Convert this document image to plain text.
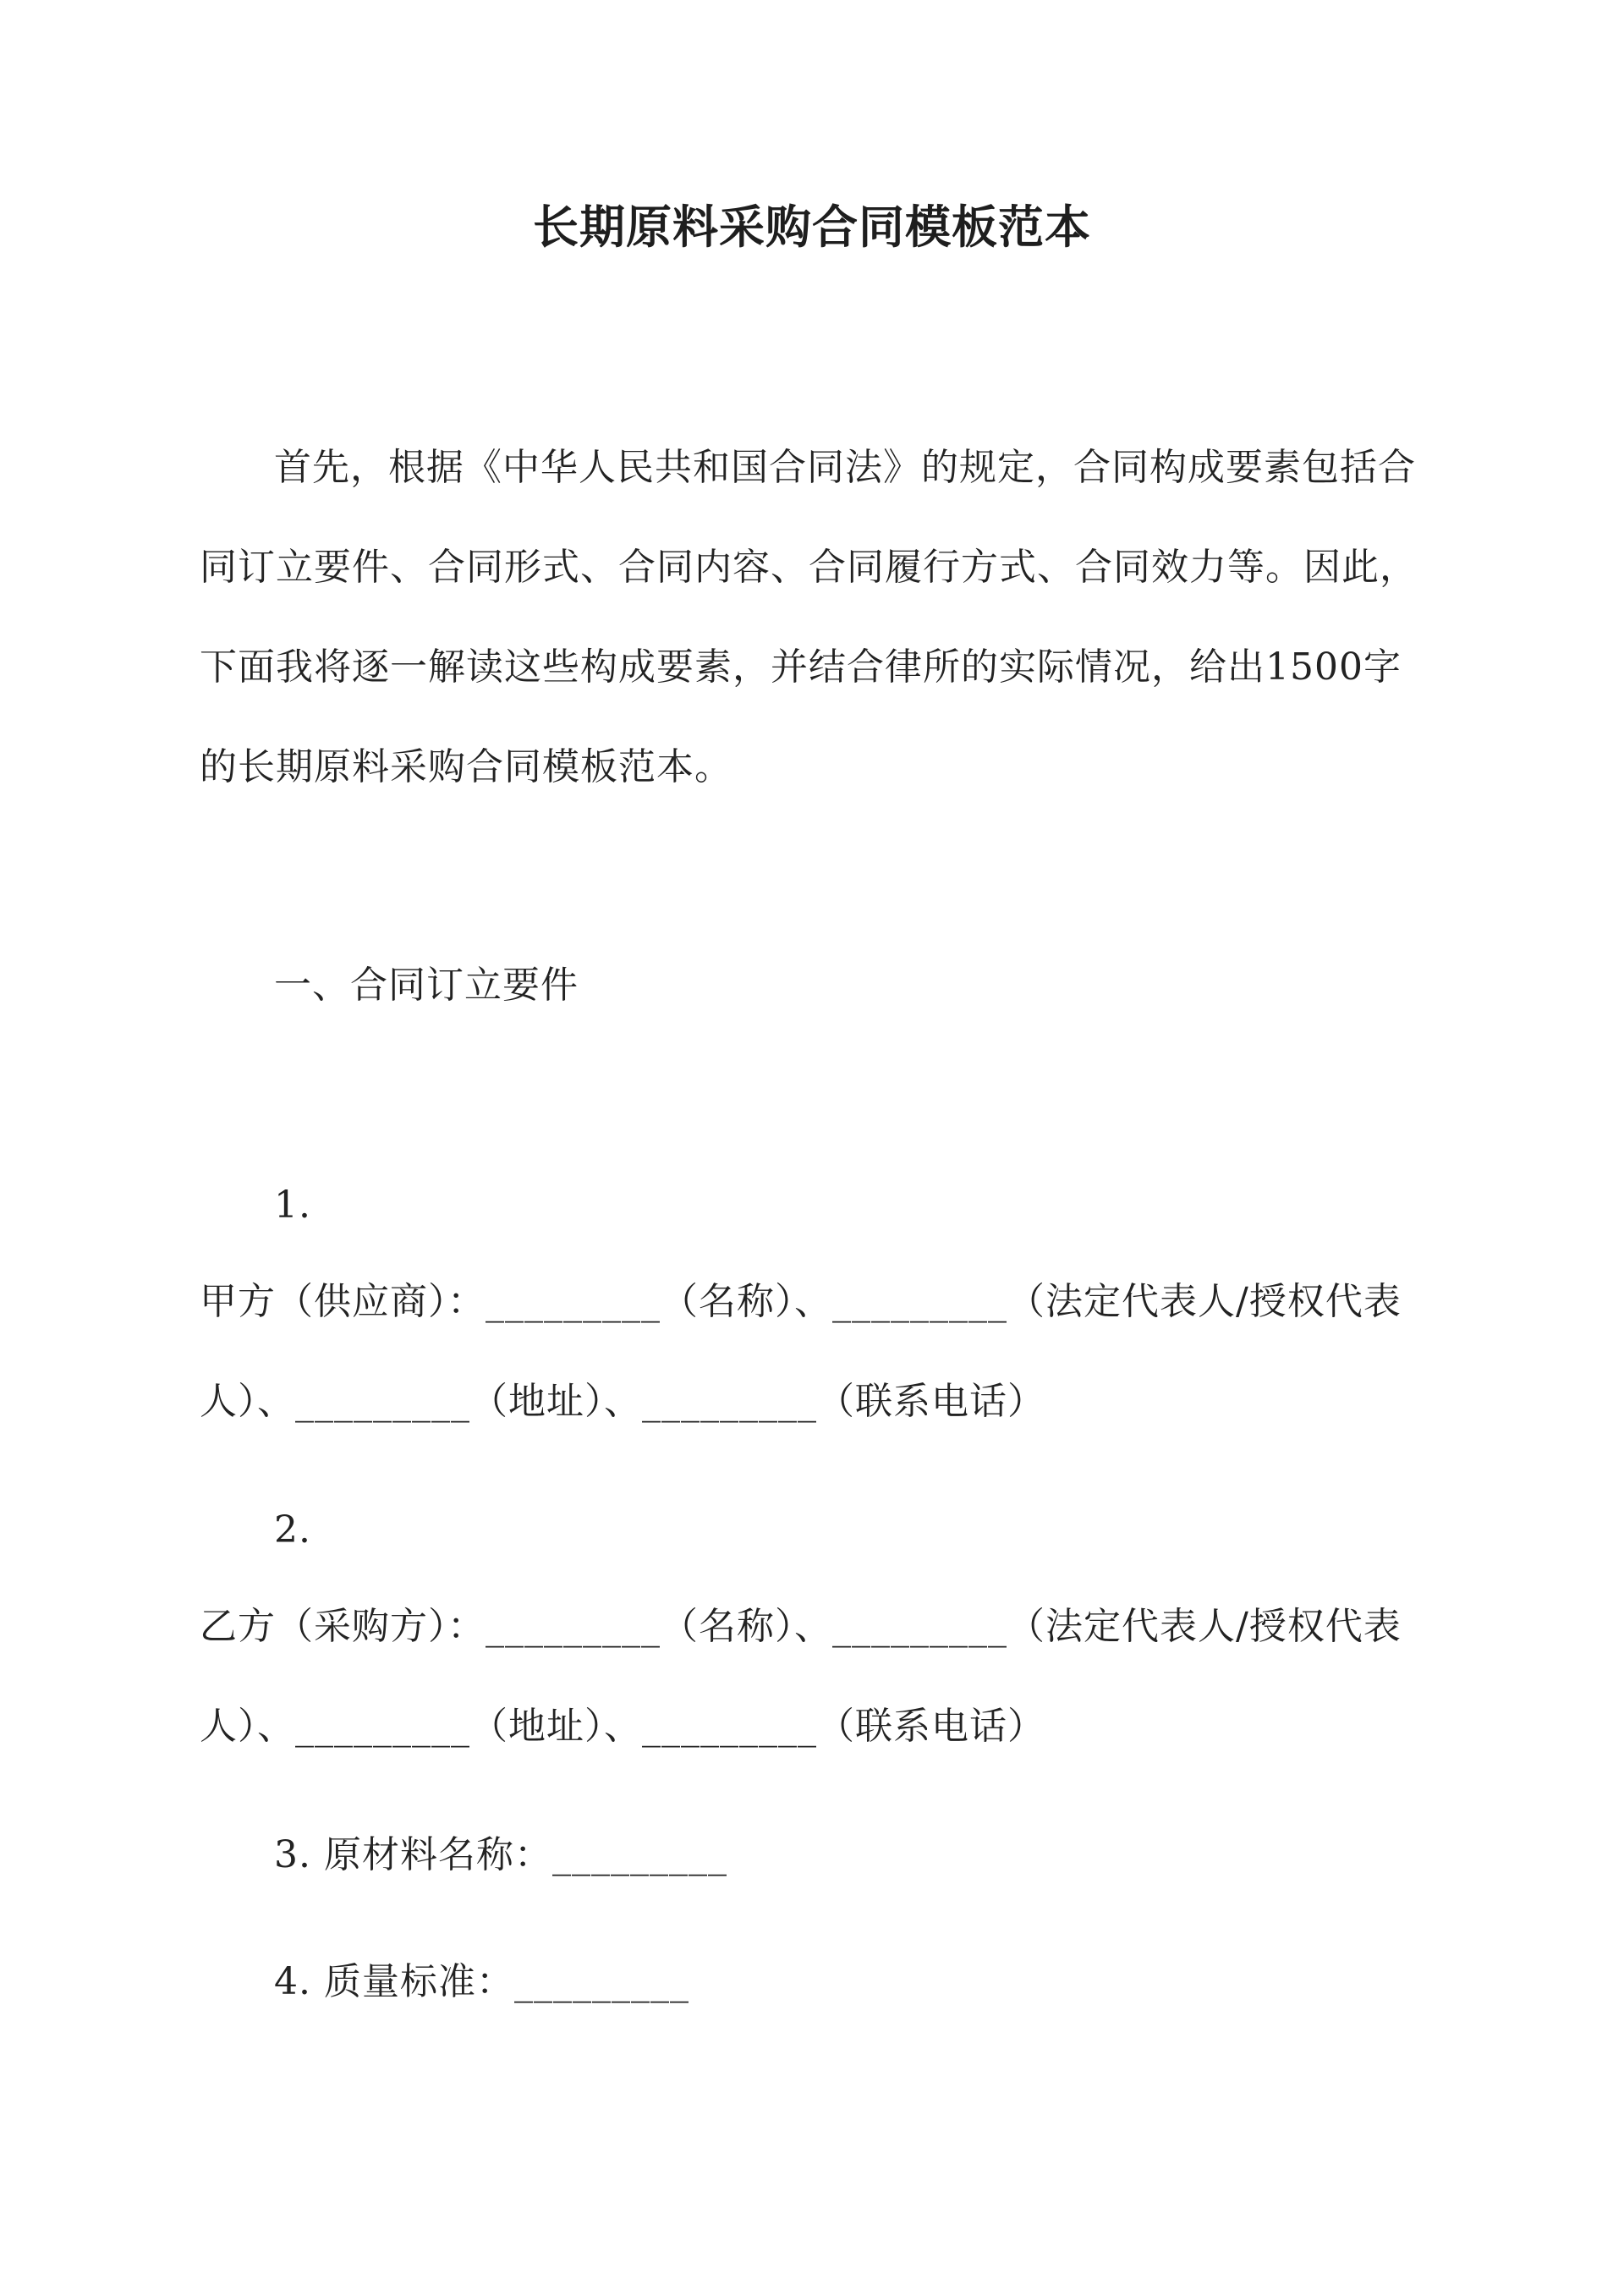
长期原料采购合同模板范本

首先，根据《中华人民共和国合同法》的规定，合同构成要素包括合同订立要件、合同形式、合同内容、合同履行方式、合同效力等。因此，下面我将逐一解读这些构成要素，并结合律所的实际情况，给出1500字的长期原料采购合同模板范本。

一、合同订立要件

1.

甲方（供应商）：_________（名称）、_________（法定代表人/授权代表人）、_________（地址）、_________（联系电话）

2.

乙方（采购方）：_________（名称）、_________（法定代表人/授权代表人）、_________（地址）、_________（联系电话）

3. 原材料名称：_________

4. 质量标准：_________
